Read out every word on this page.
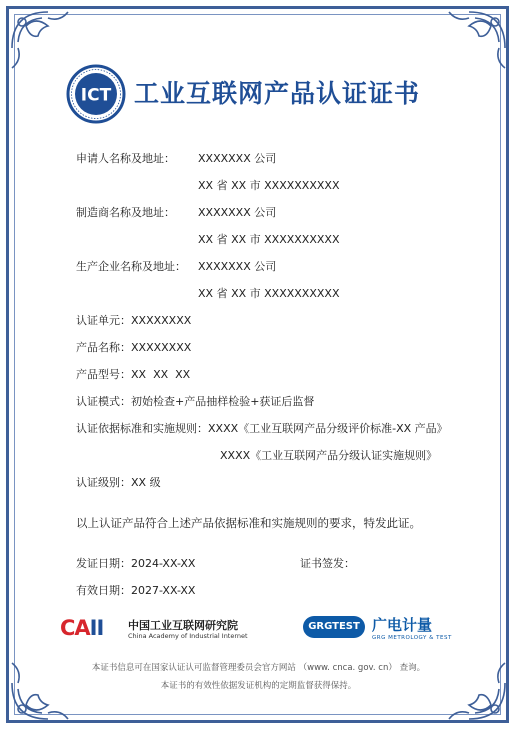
ICT 工业互联网产品认证证书
申请人名称及地址： XXXXXXX 公司
XX 省 XX 市 XXXXXXXXXX
制造商名称及地址： XXXXXXX 公司
XX 省 XX 市 XXXXXXXXXX
生产企业名称及地址： XXXXXXX 公司
XX 省 XX 市 XXXXXXXXXX
认证单元：XXXXXXXX
产品名称：XXXXXXXX
产品型号：XX  XX  XX
认证模式：初始检查+产品抽样检验+获证后监督
认证依据标准和实施规则：XXXX《工业互联网产品分级评价标准-XX 产品》
XXXX《工业互联网产品分级认证实施规则》
认证级别：XX 级
以上认证产品符合上述产品依据标准和实施规则的要求，特发此证。
发证日期：2024-XX-XX	证书签发：
有效日期：2027-XX-XX
CAII 中国工业互联网研究院
China Academy of Industrial Internet
GRGTEST 广电计量
GRG METROLOGY & TEST
本证书信息可在国家认证认可监督管理委员会官方网站 （www. cnca. gov. cn） 查询。
本证书的有效性依据发证机构的定期监督获得保持。
